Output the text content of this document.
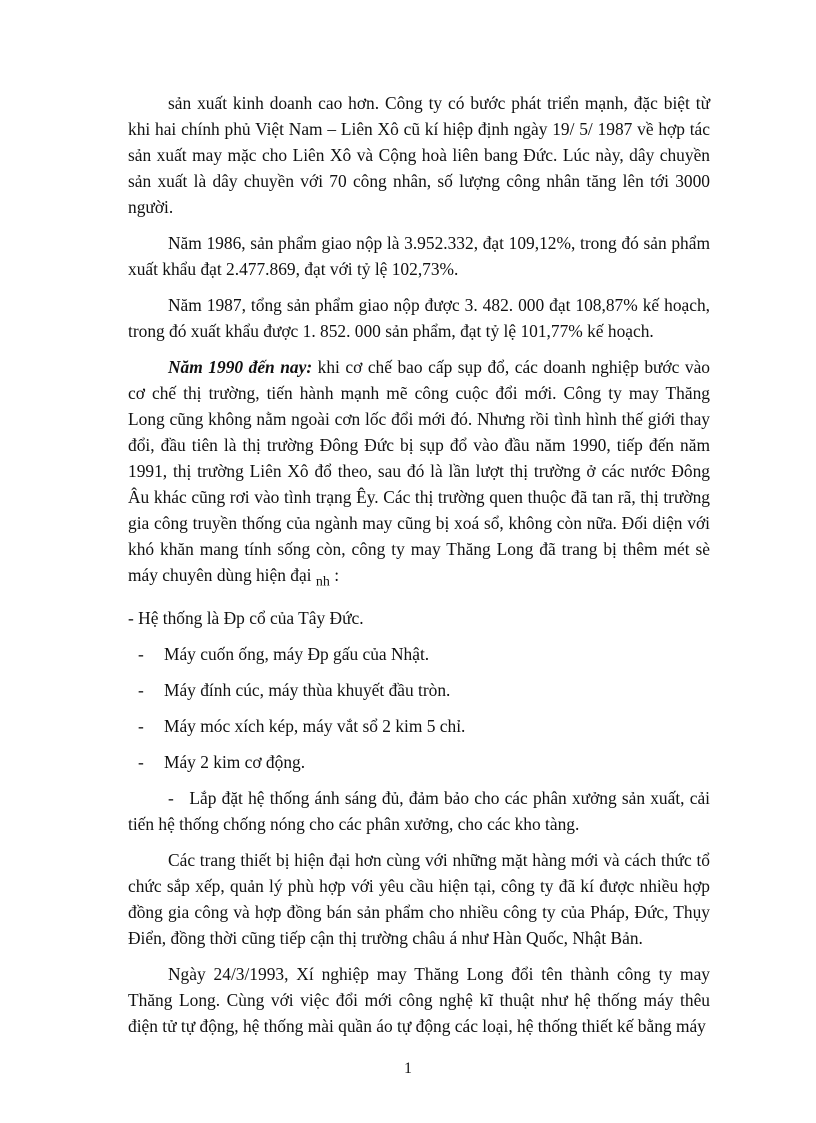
sản xuất kinh doanh cao hơn. Công ty có bước phát triển mạnh, đặc biệt từ khi hai chính phủ Việt Nam – Liên Xô cũ kí hiệp định ngày 19/ 5/ 1987 về hợp tác sản xuất may mặc cho Liên Xô và Cộng hoà liên bang Đức. Lúc này, dây chuyền sản xuất là dây chuyền với 70 công nhân, số lượng công nhân tăng lên tới 3000 người.

Năm 1986, sản phẩm giao nộp là 3.952.332, đạt 109,12%, trong đó sản phẩm xuất khẩu đạt 2.477.869, đạt với tỷ lệ 102,73%.

Năm 1987, tổng sản phẩm giao nộp được 3. 482. 000 đạt 108,87% kế hoạch, trong đó xuất khẩu được 1. 852. 000 sản phẩm, đạt tỷ lệ 101,77% kế hoạch.

Năm 1990 đến nay: khi cơ chế bao cấp sụp đổ, các doanh nghiệp bước vào cơ chế thị trường, tiến hành mạnh mẽ công cuộc đổi mới. Công ty may Thăng Long cũng không nằm ngoài cơn lốc đổi mới đó. Nhưng rồi tình hình thế giới thay đổi, đầu tiên là thị trường Đông Đức bị sụp đổ vào đầu năm 1990, tiếp đến năm 1991, thị trường Liên Xô đổ theo, sau đó là lần lượt thị trường ở các nước Đông Âu khác cũng rơi vào tình trạng Êy. Các thị trường quen thuộc đã tan rã, thị trường gia công truyền thống của ngành may cũng bị xoá sổ, không còn nữa. Đối diện với khó khăn mang tính sống còn, công ty may Thăng Long đã trang bị thêm mét sè máy chuyên dùng hiện đại $_{nh}$ :

- Hệ thống là Đp cổ của Tây Đức.
-	Máy cuốn ống, máy Đp gấu của Nhật.
-	Máy đính cúc, máy thùa khuyết đầu tròn.
-	Máy móc xích kép, máy vắt sổ 2 kim 5 chỉ.
-	Máy 2 kim cơ động.

- Lắp đặt hệ thống ánh sáng đủ, đảm bảo cho các phân xưởng sản xuất, cải tiến hệ thống chống nóng cho các phân xưởng, cho các kho tàng.

Các trang thiết bị hiện đại hơn cùng với những mặt hàng mới và cách thức tổ chức sắp xếp, quản lý phù hợp với yêu cầu hiện tại, công ty đã kí được nhiều hợp đồng gia công và hợp đồng bán sản phẩm cho nhiều công ty của Pháp, Đức, Thụy Điển, đồng thời cũng tiếp cận thị trường châu á như Hàn Quốc, Nhật Bản.

Ngày 24/3/1993, Xí nghiệp may Thăng Long đổi tên thành công ty may Thăng Long. Cùng với việc đổi mới công nghệ kĩ thuật như hệ thống máy thêu điện tử tự động, hệ thống mài quần áo tự động các loại, hệ thống thiết kế bằng máy

1
